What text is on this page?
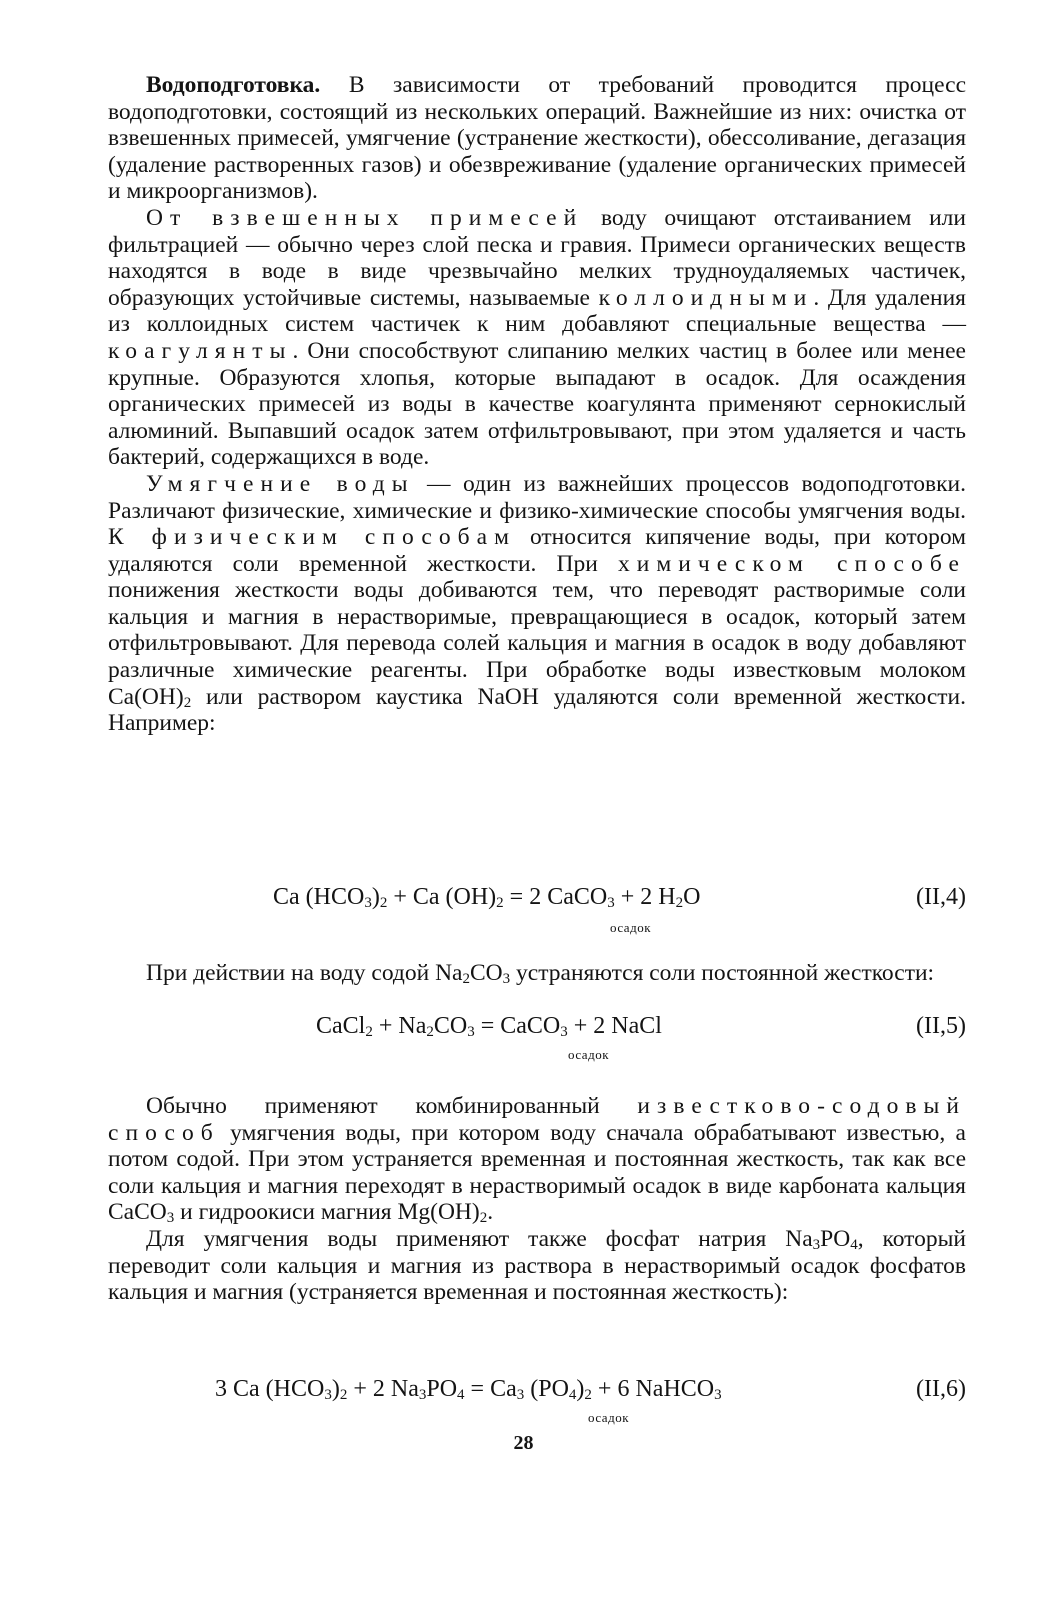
Водоподготовка. В зависимости от требований проводится процесс водоподготовки, состоящий из нескольких операций. Важнейшие из них: очистка от взвешенных примесей, умягчение (устранение жесткости), обессоливание, дегазация (удаление растворенных газов) и обезвреживание (удаление органических примесей и микроорганизмов).

От взвешенных примесей воду очищают отстаиванием или фильтрацией — обычно через слой песка и гравия. Примеси органических веществ находятся в воде в виде чрезвычайно мелких трудноудаляемых частичек, образующих устойчивые системы, называемые коллоидными. Для удаления из коллоидных систем частичек к ним добавляют специальные вещества — коагулянты. Они способствуют слипанию мелких частиц в более или менее крупные. Образуются хлопья, которые выпадают в осадок. Для осаждения органических примесей из воды в качестве коагулянта применяют сернокислый алюминий. Выпавший осадок затем отфильтровывают, при этом удаляется и часть бактерий, содержащихся в воде.

Умягчение воды — один из важнейших процессов водоподготовки. Различают физические, химические и физико-химические способы умягчения воды. К физическим способам относится кипячение воды, при котором удаляются соли временной жесткости. При химическом способе понижения жесткости воды добиваются тем, что переводят растворимые соли кальция и магния в нерастворимые, превращающиеся в осадок, который затем отфильтровывают. Для перевода солей кальция и магния в осадок в воду добавляют различные химические реагенты. При обработке воды известковым молоком $Ca(OH)_2$ или раствором каустика NaOH удаляются соли временной жесткости. Например:

Ca $(HCO_3)_2 + Ca$ $(OH)_2 = 2$ CaCO$_3$ + 2 $H_2O$
осадок
(II,4)

При действии на воду содой $Na_2CO_3$ устраняются соли постоянной жесткости:

CaCl$_2$ + $Na_2CO_3$ = CaCO$_3$ + 2 NaCl
осадок
(II,5)

Обычно применяют комбинированный известково-содовый способ умягчения воды, при котором воду сначала обрабатывают известью, а потом содой. При этом устраняется временная и постоянная жесткость, так как все соли кальция и магния переходят в нерастворимый осадок в виде карбоната кальция CaCO$_3$ и гидроокиси магния $Mg(OH)_2$.

Для умягчения воды применяют также фосфат натрия $Na_3PO_4$, который переводит соли кальция и магния из раствора в нерастворимый осадок фосфатов кальция и магния (устраняется временная и постоянная жесткость):

3 Ca $(HCO_3)_2 + 2$ $Na_3PO_4 = Ca_3$ $(PO_4)_2 + 6$ NaHCO$_3$
осадок
(II,6)
28
